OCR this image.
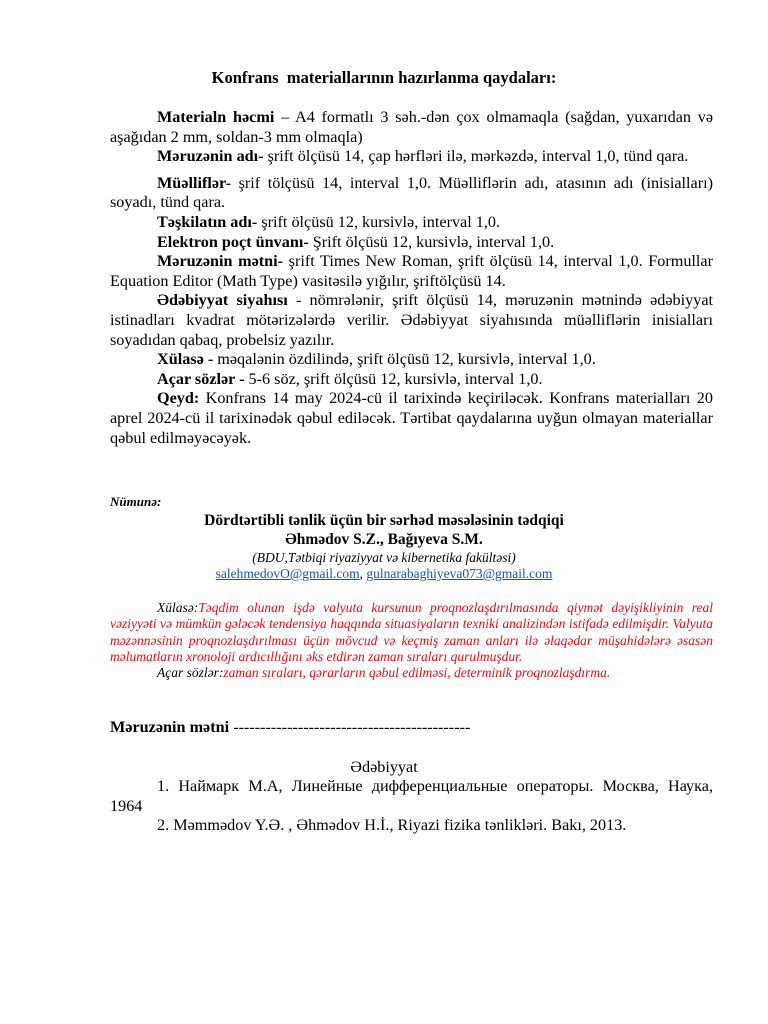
Konfrans  materiallarının hazırlanma qaydaları:

Materialn həcmi – A4 formatlı 3 səh.-dən çox olmamaqla (sağdan, yuxarıdan və aşağıdan 2 mm, soldan-3 mm olmaqla)

Məruzənin adı- şrift ölçüsü 14, çap hərfləri ilə, mərkəzdə, interval 1,0, tünd qara.

Müəlliflər- şrif tölçüsü 14, interval 1,0. Müəlliflərin adı, atasının adı (inisialları) soyadı, tünd qara.

Təşkilatın adı- şrift ölçüsü 12, kursivlə, interval 1,0.

Elektron poçt ünvanı- Şrift ölçüsü 12, kursivlə, interval 1,0.

Məruzənin mətni- şrift Times New Roman, şrift ölçüsü 14, interval 1,0. Formullar Equation Editor (Math Type) vasitəsilə yığılır, şriftölçüsü 14.

Ədəbiyyat siyahısı - nömrələnir, şrift ölçüsü 14, məruzənin mətnində ədəbiyyat istinadları kvadrat mötərizələrdə verilir. Ədəbiyyat siyahısında müəlliflərin inisialları soyadıdan qabaq, probelsiz yazılır.

Xülasə - məqalənin özdilində, şrift ölçüsü 12, kursivlə, interval 1,0.

Açar sözlər - 5-6 söz, şrift ölçüsü 12, kursivlə, interval 1,0.

Qeyd: Konfrans 14 may 2024-cü il tarixində keçiriləcək. Konfrans materialları 20 aprel 2024-cü il tarixinədək qəbul ediləcək. Tərtibat qaydalarına uyğun olmayan materiallar qəbul edilməyəcəyək.

Nümunə:
Dördtərtibli tənlik üçün bir sərhəd məsələsinin tədqiqi
Əhmədov S.Z., Bağıyeva S.M.
(BDU,Tətbiqi riyaziyyat və kibernetika fakültəsi)
salehmedovO@gmail.com, gulnarabaghiyeva073@gmail.com

Xülasə:Təqdim olunan işdə valyuta kursunun proqnozlaşdırılmasında qiymət dəyişikliyinin real vəziyyəti və mümkün gələcək tendensiya haqqında situasiyaların texniki analizindən istifadə edilmişdir. Valyuta məzənnəsinin proqnozlaşdırılması üçün mövcud və keçmiş zaman anları ilə əlaqədar müşahidələrə əsasən məlumatların xronoloji ardıcıllığını əks etdirən zaman sıraları qurulmuşdur.

Açar sözlər:zaman sıraları, qərarların qəbul edilməsi, determinik proqnozlaşdırma.

Məruzənin mətni --------------------------------------------
Ədəbiyyat

1. Наймарк М.А, Линейные дифференциальные операторы. Москва, Наука, 1964

2. Məmmədov Y.Ə. , Əhmədov H.İ., Riyazi fizika tənlikləri. Bakı, 2013.
